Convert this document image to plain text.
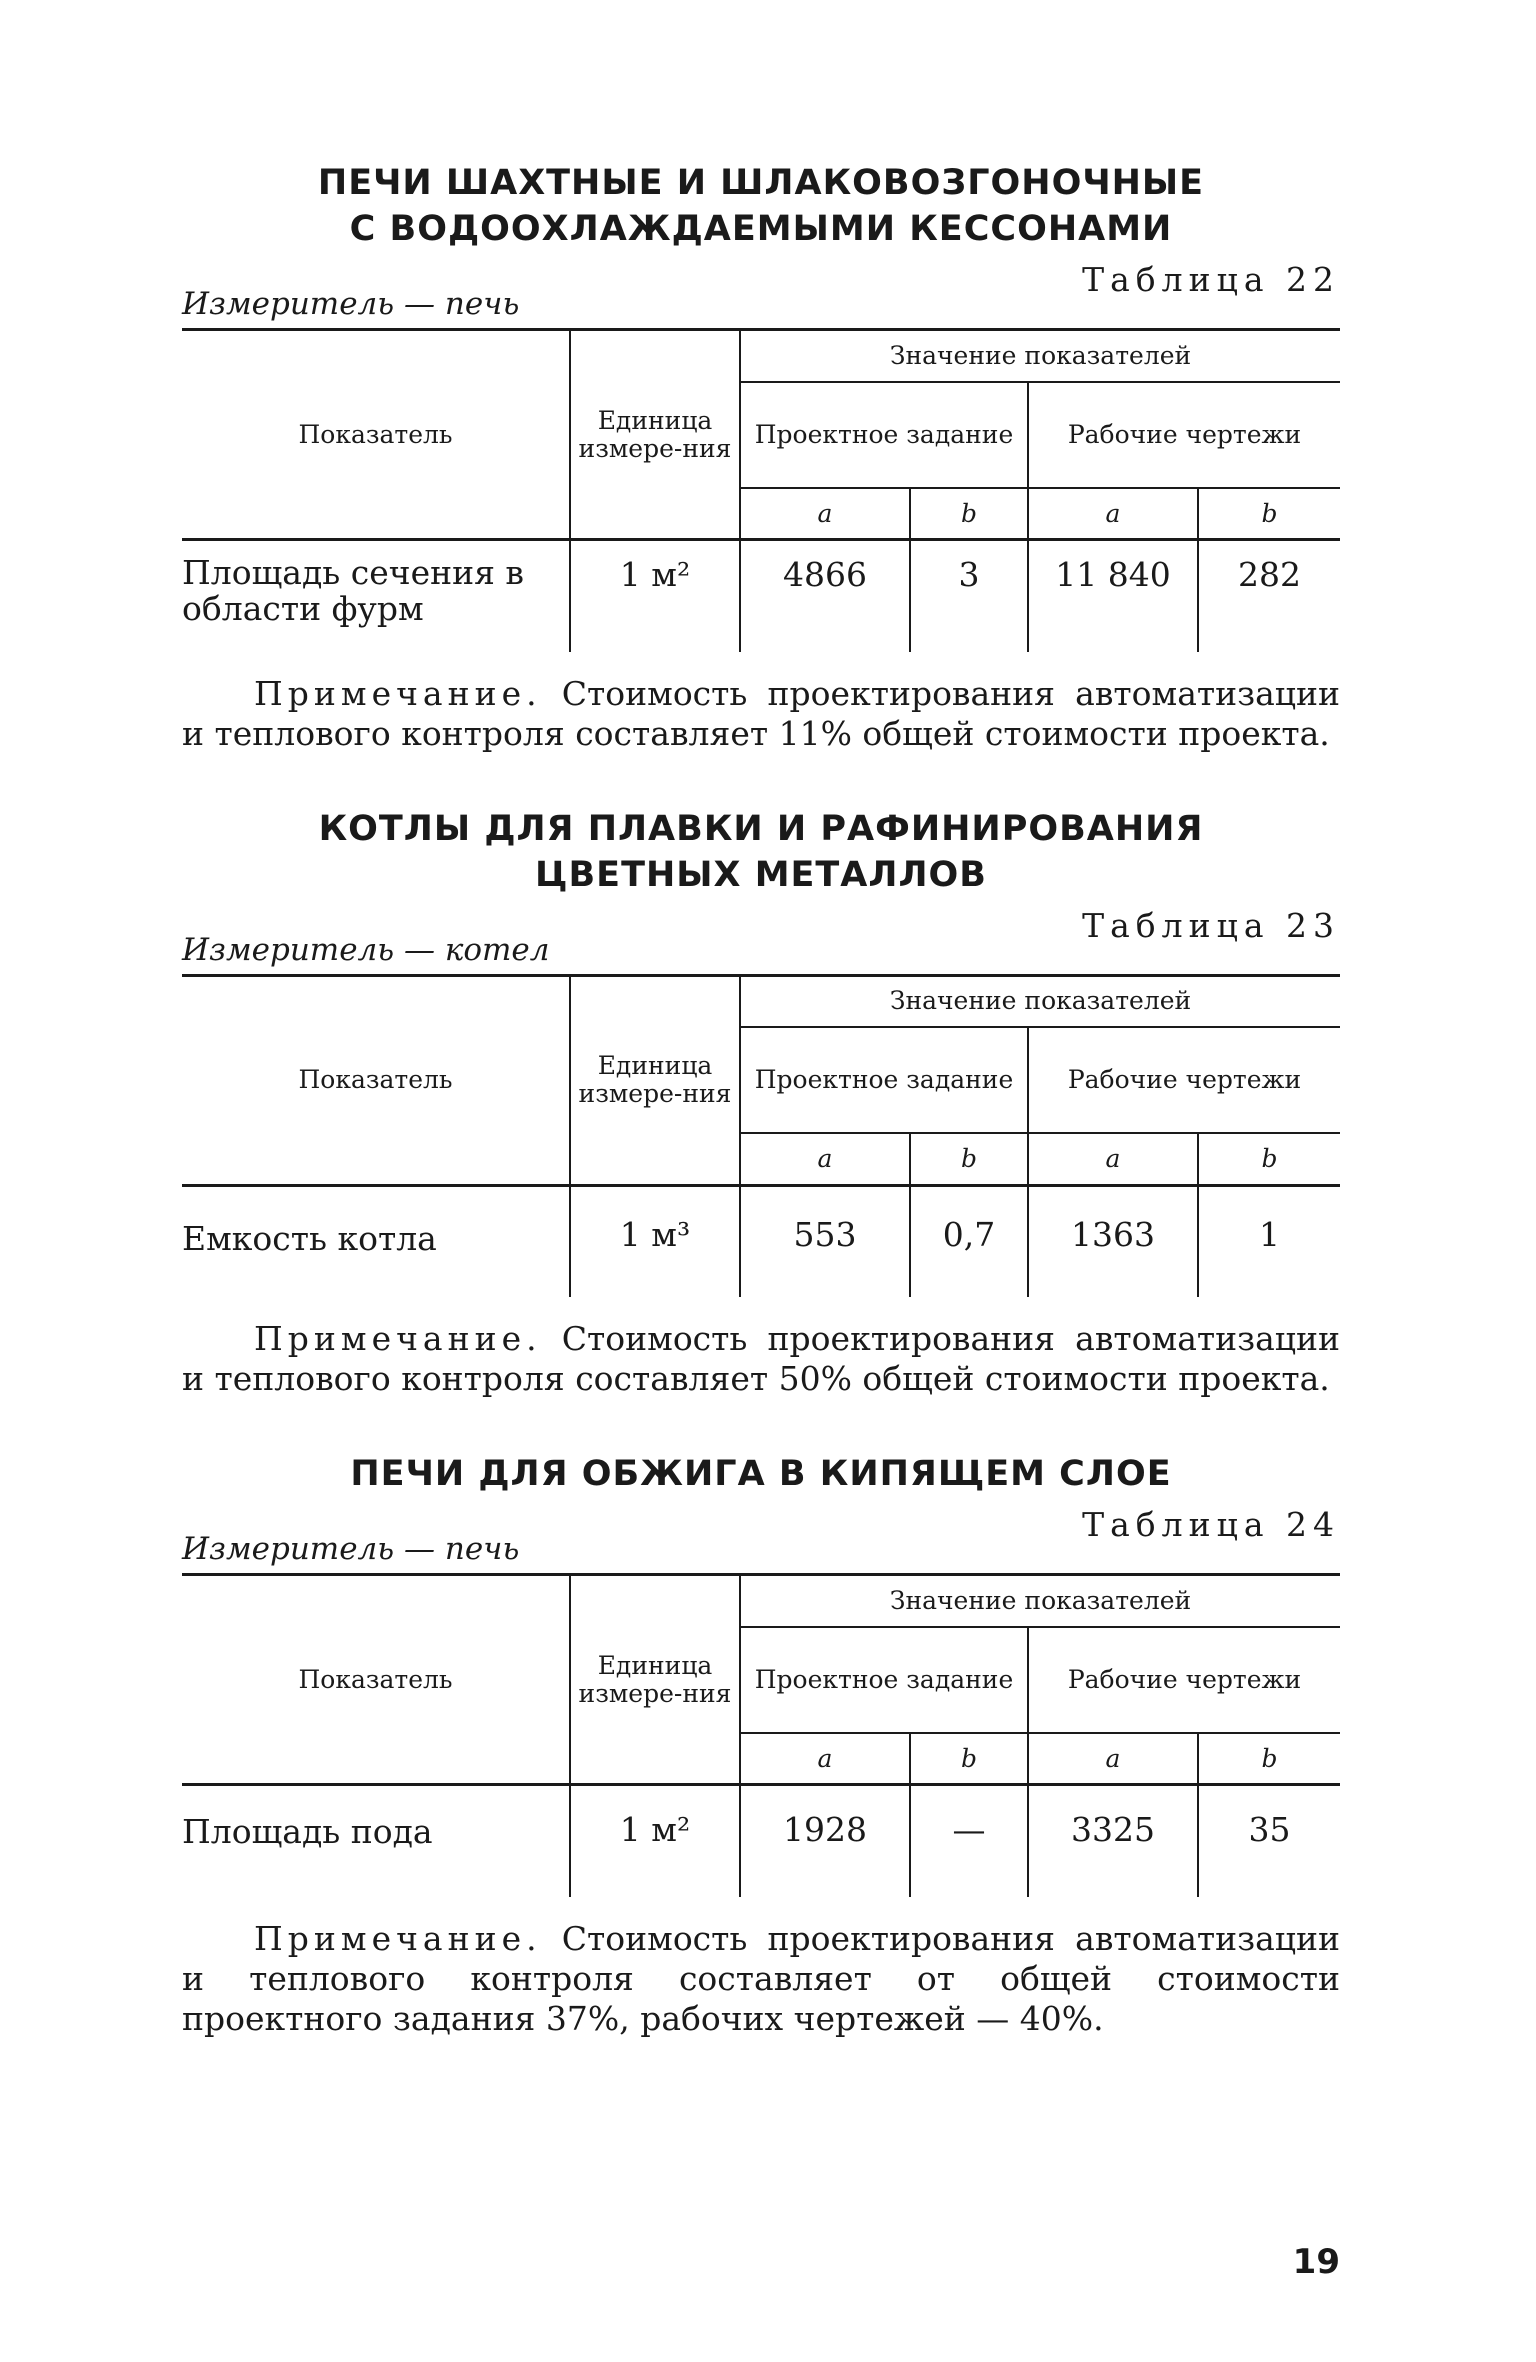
ПЕЧИ ШАХТНЫЕ И ШЛАКОВОЗГОНОЧНЫЕ
С ВОДООХЛАЖДАЕМЫМИ КЕССОНАМИ
Таблица 22
Измеритель — печь
Показатель	Единица измере-ния	Значение показателей			
		Проектное задание		Рабочие чертежи	
		a	b	a	b
Площадь сечения в области фурм	1 м²	4866	3	11 840	282

Примечание. Стоимость проектирования автоматизации и теплового контроля составляет 11% общей стоимости проекта.

КОТЛЫ ДЛЯ ПЛАВКИ И РАФИНИРОВАНИЯ
ЦВЕТНЫХ МЕТАЛЛОВ
Таблица 23
Измеритель — котел
Показатель	Единица измере-ния	Значение показателей			
		Проектное задание		Рабочие чертежи	
		a	b	a	b
Емкость котла	1 м³	553	0,7	1363	1

Примечание. Стоимость проектирования автоматизации и теплового контроля составляет 50% общей стоимости проекта.

ПЕЧИ ДЛЯ ОБЖИГА В КИПЯЩЕМ СЛОЕ
Таблица 24
Измеритель — печь
Показатель	Единица измере-ния	Значение показателей			
		Проектное задание		Рабочие чертежи	
		a	b	a	b
Площадь пода	1 м²	1928	—	3325	35

Примечание. Стоимость проектирования автоматизации и теплового контроля составляет от общей стоимости проектного задания 37%, рабочих чертежей — 40%.

19
